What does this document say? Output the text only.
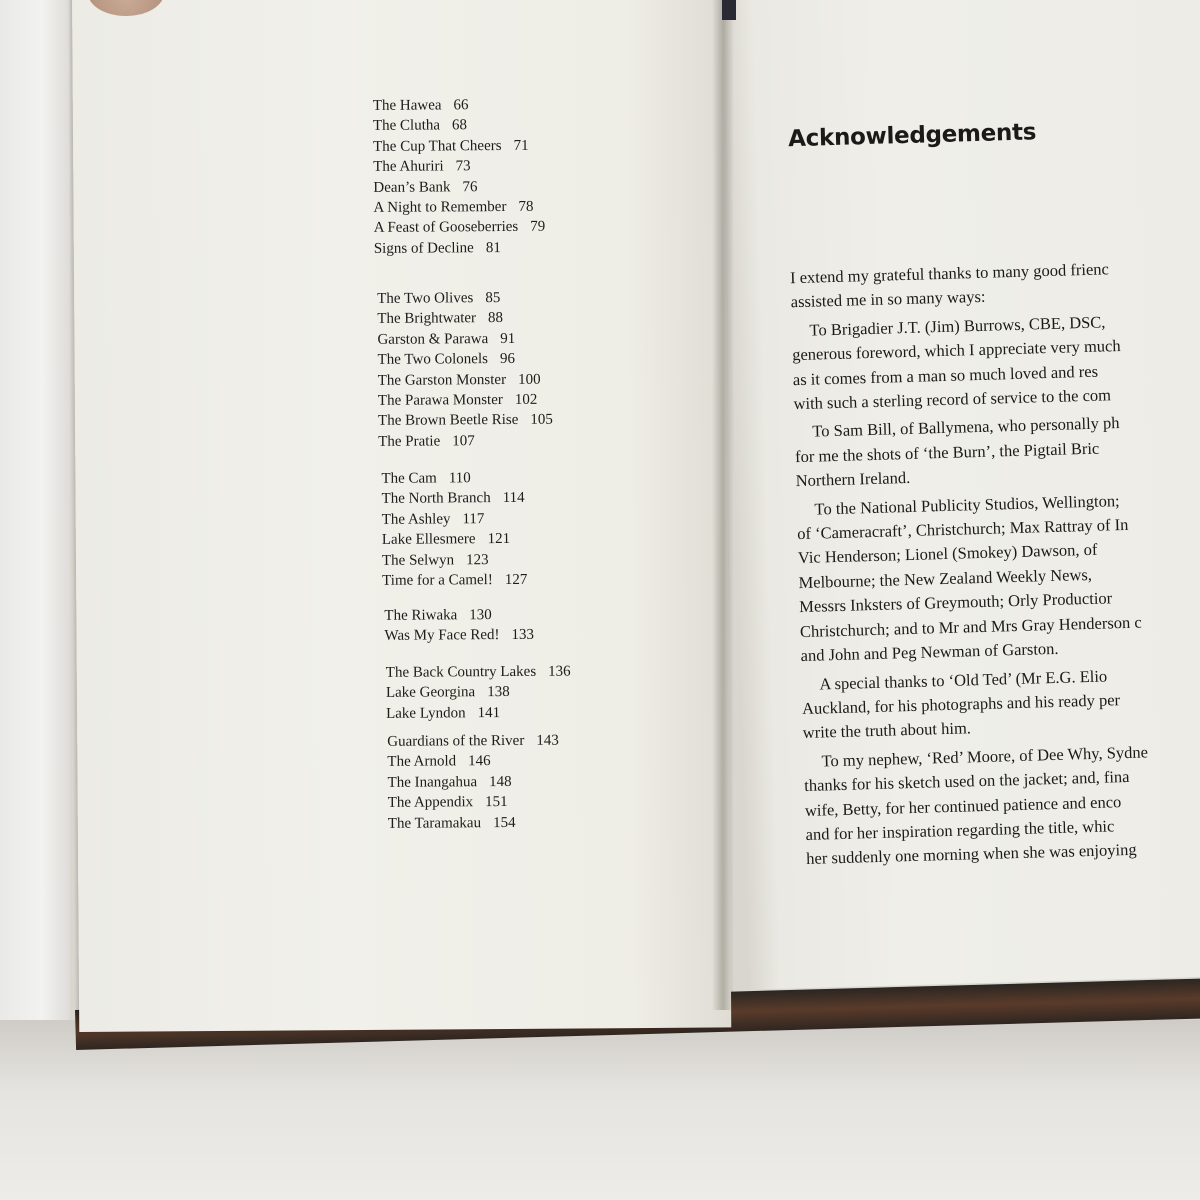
The Hawea 66
The Clutha 68
The Cup That Cheers 71
The Ahuriri 73
Dean’s Bank 76
A Night to Remember 78
A Feast of Gooseberries 79
Signs of Decline 81
The Two Olives 85
The Brightwater 88
Garston & Parawa 91
The Two Colonels 96
The Garston Monster 100
The Parawa Monster 102
The Brown Beetle Rise 105
The Pratie 107
The Cam 110
The North Branch 114
The Ashley 117
Lake Ellesmere 121
The Selwyn 123
Time for a Camel! 127
The Riwaka 130
Was My Face Red! 133
The Back Country Lakes 136
Lake Georgina 138
Lake Lyndon 141
Guardians of the River 143
The Arnold 146
The Inangahua 148
The Appendix 151
The Taramakau 154
Acknowledgements
I extend my grateful thanks to many good frienc
assisted me in so many ways:
To Brigadier J.T. (Jim) Burrows, CBE, DSC,
generous foreword, which I appreciate very much
as it comes from a man so much loved and res
with such a sterling record of service to the com
To Sam Bill, of Ballymena, who personally ph
for me the shots of ‘the Burn’, the Pigtail Bric
Northern Ireland.
To the National Publicity Studios, Wellington;
of ‘Cameracraft’, Christchurch; Max Rattray of In
Vic Henderson; Lionel (Smokey) Dawson, of
Melbourne; the New Zealand Weekly News,
Messrs Inksters of Greymouth; Orly Productior
Christchurch; and to Mr and Mrs Gray Henderson c
and John and Peg Newman of Garston.
A special thanks to ‘Old Ted’ (Mr E.G. Elio
Auckland, for his photographs and his ready per
write the truth about him.
To my nephew, ‘Red’ Moore, of Dee Why, Sydne
thanks for his sketch used on the jacket; and, fina
wife, Betty, for her continued patience and enco
and for her inspiration regarding the title, whic
her suddenly one morning when she was enjoying
